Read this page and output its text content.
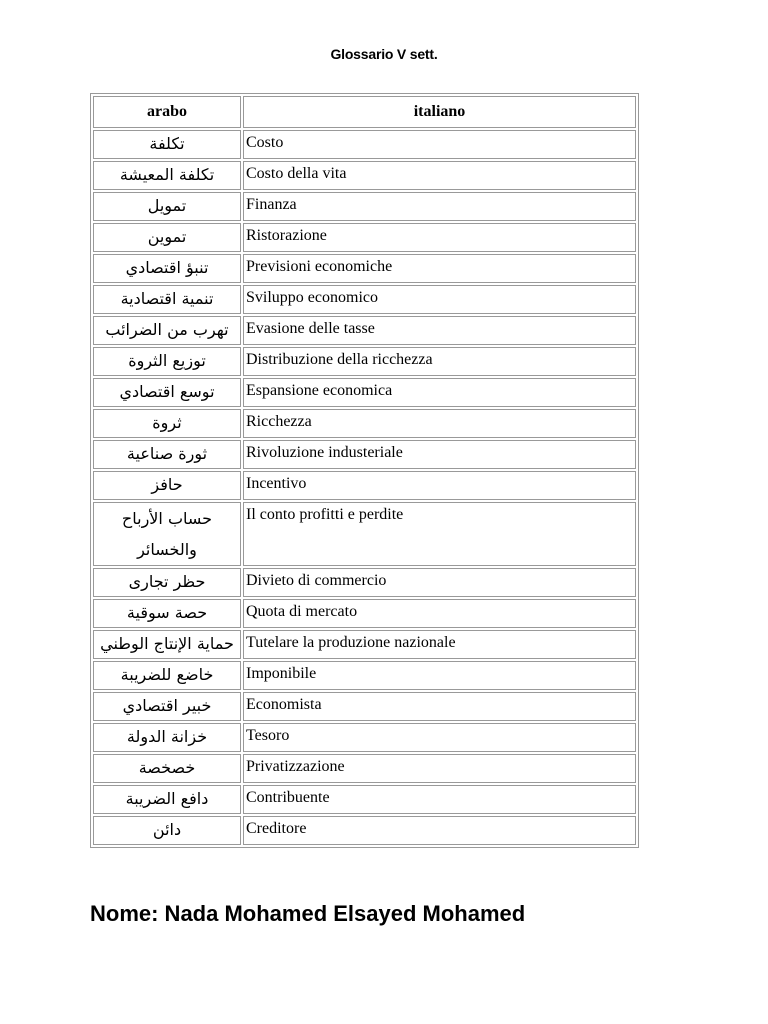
Glossario V sett.
arabo	italiano
تكلفة	Costo
تكلفة المعيشة	Costo della vita
تمويل	Finanza
تموين	Ristorazione
تنبؤ اقتصادي	Previsioni economiche
تنمية اقتصادية	Sviluppo economico
تهرب من الضرائب	Evasione delle tasse
توزيع الثروة	Distribuzione della ricchezza
توسع اقتصادي	Espansione economica
ثروة	Ricchezza
ثورة صناعية	Rivoluzione industeriale
حافز	Incentivo
حساب الأرباح والخسائر	Il conto profitti e perdite
حظر تجارى	Divieto di commercio
حصة سوقية	Quota di mercato
حماية الإنتاج الوطني	Tutelare la produzione nazionale
خاضع للضريبة	Imponibile
خبير اقتصادي	Economista
خزانة الدولة	Tesoro
خصخصة	Privatizzazione
دافع الضريبة	Contribuente
دائن	Creditore
Nome: Nada Mohamed Elsayed Mohamed
